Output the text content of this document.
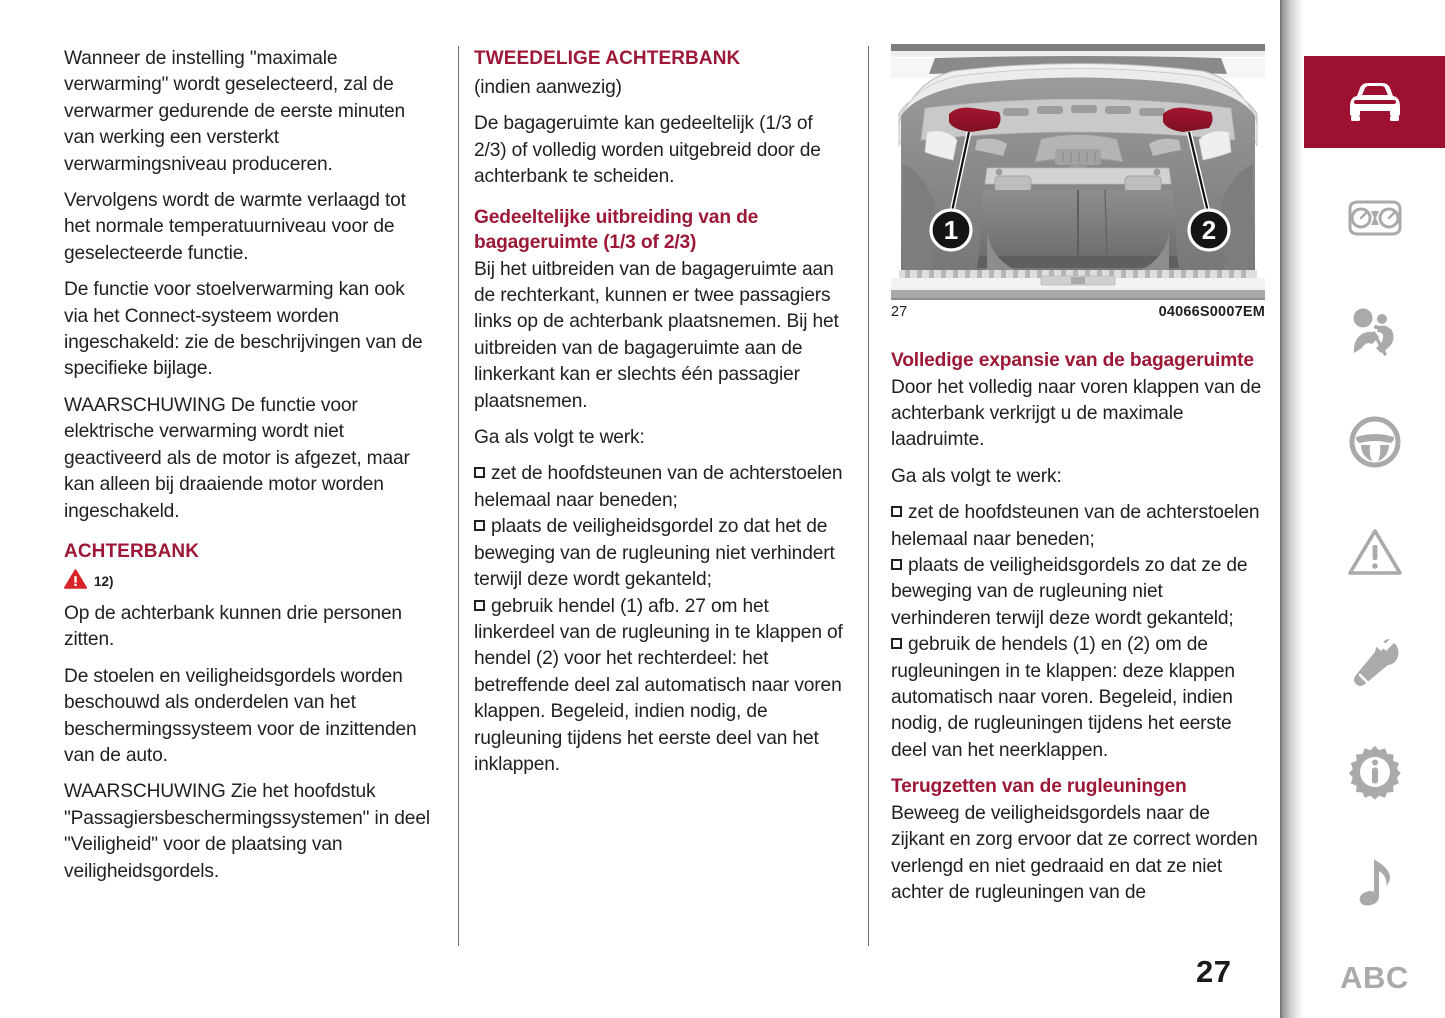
Wanneer de instelling "maximale verwarming" wordt geselecteerd, zal de verwarmer gedurende de eerste minuten van werking een versterkt verwarmingsniveau produceren.

Vervolgens wordt de warmte verlaagd tot het normale temperatuurniveau voor de geselecteerde functie.

De functie voor stoelverwarming kan ook via het Connect-systeem worden ingeschakeld: zie de beschrijvingen van de specifieke bijlage.

WAARSCHUWING De functie voor elektrische verwarming wordt niet geactiveerd als de motor is afgezet, maar kan alleen bij draaiende motor worden ingeschakeld.

ACHTERBANK
12)

Op de achterbank kunnen drie personen zitten.

De stoelen en veiligheidsgordels worden beschouwd als onderdelen van het beschermingssysteem voor de inzittenden van de auto.

WAARSCHUWING Zie het hoofdstuk "Passagiersbeschermingssystemen" in deel "Veiligheid" voor de plaatsing van veiligheidsgordels.

TWEEDELIGE ACHTERBANK

(indien aanwezig)

De bagageruimte kan gedeeltelijk (1/3 of 2/3) of volledig worden uitgebreid door de achterbank te scheiden.

Gedeeltelijke uitbreiding van de bagageruimte (1/3 of 2/3)

Bij het uitbreiden van de bagageruimte aan de rechterkant, kunnen er twee passagiers links op de achterbank plaatsnemen. Bij het uitbreiden van de bagageruimte aan de linkerkant kan er slechts één passagier plaatsnemen.

Ga als volgt te werk:

zet de hoofdsteunen van de achterstoelen helemaal naar beneden;

plaats de veiligheidsgordel zo dat het de beweging van de rugleuning niet verhindert terwijl deze wordt gekanteld;

gebruik hendel (1) afb. 27 om het linkerdeel van de rugleuning in te klappen of hendel (2) voor het rechterdeel: het betreffende deel zal automatisch naar voren klappen. Begeleid, indien nodig, de rugleuning tijdens het eerste deel van het inklappen.

1	2
27	04066S0007EM
Volledige expansie van de bagageruimte

Door het volledig naar voren klappen van de achterbank verkrijgt u de maximale laadruimte.

Ga als volgt te werk:

zet de hoofdsteunen van de achterstoelen helemaal naar beneden;

plaats de veiligheidsgordels zo dat ze de beweging van de rugleuning niet verhinderen terwijl deze wordt gekanteld;

gebruik de hendels (1) en (2) om de rugleuningen in te klappen: deze klappen automatisch naar voren. Begeleid, indien nodig, de rugleuningen tijdens het eerste deel van het neerklappen.

Terugzetten van de rugleuningen

Beweeg de veiligheidsgordels naar de zijkant en zorg ervoor dat ze correct worden verlengd en niet gedraaid en dat ze niet achter de rugleuningen van de

ABC
27
